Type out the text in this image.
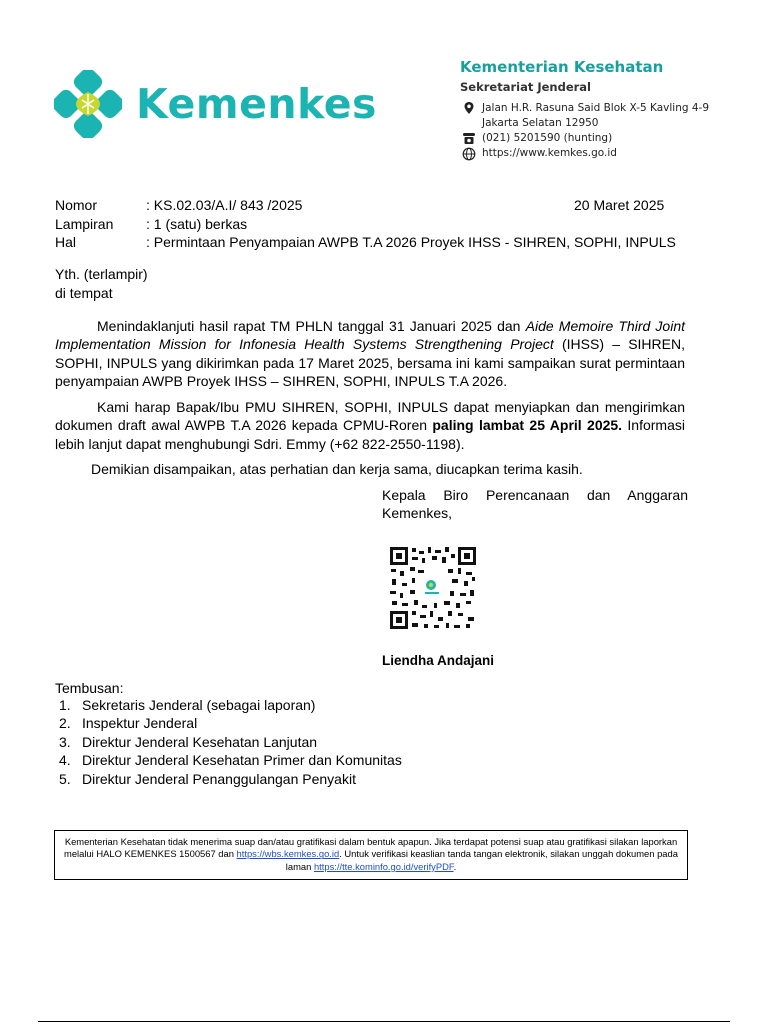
Kemenkes
Kementerian Kesehatan
Sekretariat Jenderal
Jalan H.R. Rasuna Said Blok X-5 Kavling 4-9
Jakarta Selatan 12950
(021) 5201590 (hunting)
https://www.kemkes.go.id
Nomor	: KS.02.03/A.I/ 843 /2025	20 Maret 2025
Lampiran : 1 (satu) berkas
Hal	: Permintaan Penyampaian AWPB T.A 2026 Proyek IHSS - SIHREN, SOPHI, INPULS
Yth. (terlampir)
di tempat
Menindaklanjuti hasil rapat TM PHLN tanggal 31 Januari 2025 dan Aide Memoire Third Joint Implementation Mission for Infonesia Health Systems Strengthening Project (IHSS) – SIHREN, SOPHI, INPULS yang dikirimkan pada 17 Maret 2025, bersama ini kami sampaikan surat permintaan penyampaian AWPB Proyek IHSS – SIHREN, SOPHI, INPULS T.A 2026.
Kami harap Bapak/Ibu PMU SIHREN, SOPHI, INPULS dapat menyiapkan dan mengirimkan dokumen draft awal AWPB T.A 2026 kepada CPMU-Roren paling lambat 25 April 2025. Informasi lebih lanjut dapat menghubungi Sdri. Emmy (+62 822-2550-1198).
Demikian disampaikan, atas perhatian dan kerja sama, diucapkan terima kasih.
Kepala Biro Perencanaan dan Anggaran Kemenkes,
Liendha Andajani
Tembusan:
1. Sekretaris Jenderal (sebagai laporan)
2. Inspektur Jenderal
3. Direktur Jenderal Kesehatan Lanjutan
4. Direktur Jenderal Kesehatan Primer dan Komunitas
5. Direktur Jenderal Penanggulangan Penyakit
Kementerian Kesehatan tidak menerima suap dan/atau gratifikasi dalam bentuk apapun. Jika terdapat potensi suap atau gratifikasi silakan laporkan melalui HALO KEMENKES 1500567 dan https://wbs.kemkes.go.id. Untuk verifikasi keaslian tanda tangan elektronik, silakan unggah dokumen pada laman https://tte.kominfo.go.id/verifyPDF.
